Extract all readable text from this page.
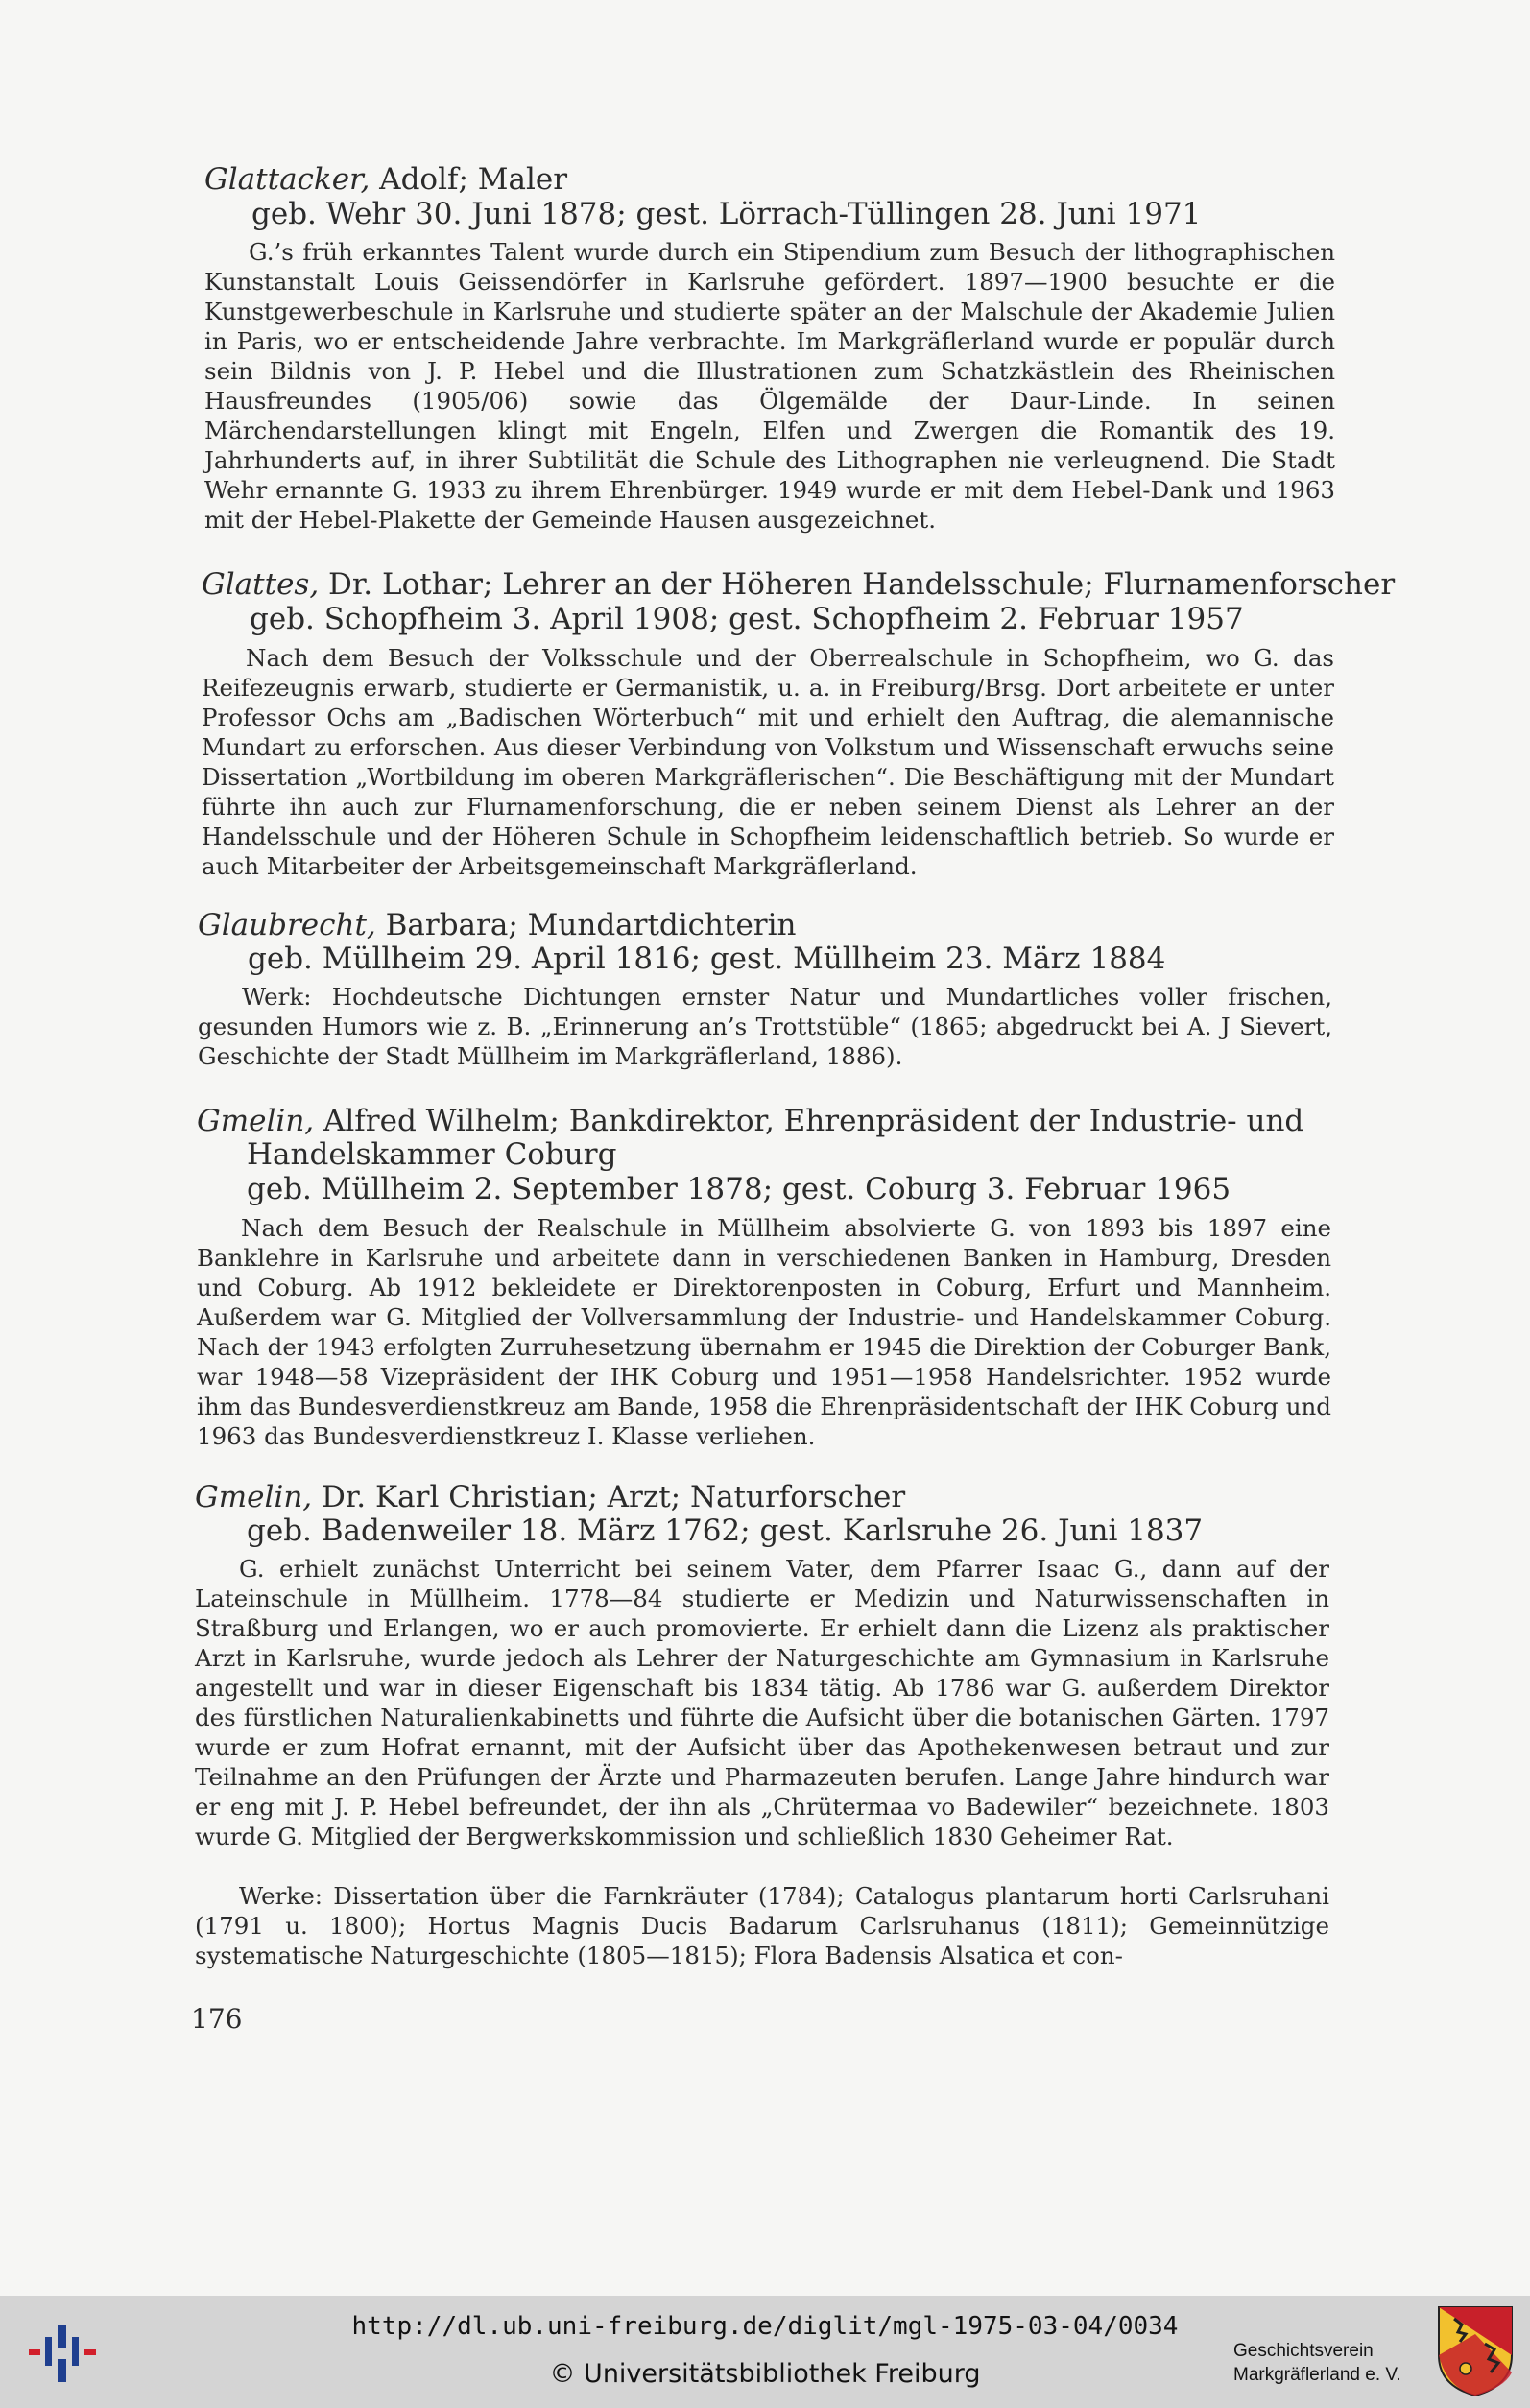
Glattacker, Adolf; Maler
geb. Wehr 30. Juni 1878; gest. Lörrach-Tüllingen 28. Juni 1971

G.’s früh erkanntes Talent wurde durch ein Stipendium zum Besuch der lithographischen Kunstanstalt Louis Geissendörfer in Karlsruhe gefördert. 1897—1900 besuchte er die Kunstgewerbeschule in Karlsruhe und studierte später an der Malschule der Akademie Julien in Paris, wo er entscheidende Jahre verbrachte. Im Markgräflerland wurde er populär durch sein Bildnis von J. P. Hebel und die Illustrationen zum Schatzkästlein des Rheinischen Hausfreundes (1905/06) sowie das Ölgemälde der Daur-Linde. In seinen Märchendarstellungen klingt mit Engeln, Elfen und Zwergen die Romantik des 19. Jahrhunderts auf, in ihrer Subtilität die Schule des Lithographen nie verleugnend. Die Stadt Wehr ernannte G. 1933 zu ihrem Ehrenbürger. 1949 wurde er mit dem Hebel-Dank und 1963 mit der Hebel-Plakette der Gemeinde Hausen ausgezeichnet.

Glattes, Dr. Lothar; Lehrer an der Höheren Handelsschule; Flurnamenforscher
geb. Schopfheim 3. April 1908; gest. Schopfheim 2. Februar 1957

Nach dem Besuch der Volksschule und der Oberrealschule in Schopfheim, wo G. das Reifezeugnis erwarb, studierte er Germanistik, u. a. in Freiburg/Brsg. Dort arbeitete er unter Professor Ochs am „Badischen Wörterbuch“ mit und erhielt den Auftrag, die alemannische Mundart zu erforschen. Aus dieser Verbindung von Volkstum und Wissenschaft erwuchs seine Dissertation „Wortbildung im oberen Markgräflerischen“. Die Beschäftigung mit der Mundart führte ihn auch zur Flurnamenforschung, die er neben seinem Dienst als Lehrer an der Handelsschule und der Höheren Schule in Schopfheim leidenschaftlich betrieb. So wurde er auch Mitarbeiter der Arbeitsgemeinschaft Markgräflerland.

Glaubrecht, Barbara; Mundartdichterin
geb. Müllheim 29. April 1816; gest. Müllheim 23. März 1884

Werk: Hochdeutsche Dichtungen ernster Natur und Mundartliches voller frischen, gesunden Humors wie z. B. „Erinnerung an’s Trottstüble“ (1865; abgedruckt bei A. J Sievert, Geschichte der Stadt Müllheim im Markgräflerland, 1886).

Gmelin, Alfred Wilhelm; Bankdirektor, Ehrenpräsident der Industrie- und
Handelskammer Coburg
geb. Müllheim 2. September 1878; gest. Coburg 3. Februar 1965

Nach dem Besuch der Realschule in Müllheim absolvierte G. von 1893 bis 1897 eine Banklehre in Karlsruhe und arbeitete dann in verschiedenen Banken in Hamburg, Dresden und Coburg. Ab 1912 bekleidete er Direktorenposten in Coburg, Erfurt und Mannheim. Außerdem war G. Mitglied der Vollversammlung der Industrie- und Handelskammer Coburg. Nach der 1943 erfolgten Zurruhesetzung übernahm er 1945 die Direktion der Coburger Bank, war 1948—58 Vizepräsident der IHK Coburg und 1951—1958 Handelsrichter. 1952 wurde ihm das Bundesverdienstkreuz am Bande, 1958 die Ehrenpräsidentschaft der IHK Coburg und 1963 das Bundesverdienstkreuz I. Klasse verliehen.

Gmelin, Dr. Karl Christian; Arzt; Naturforscher
geb. Badenweiler 18. März 1762; gest. Karlsruhe 26. Juni 1837

G. erhielt zunächst Unterricht bei seinem Vater, dem Pfarrer Isaac G., dann auf der Lateinschule in Müllheim. 1778—84 studierte er Medizin und Naturwissenschaften in Straßburg und Erlangen, wo er auch promovierte. Er erhielt dann die Lizenz als praktischer Arzt in Karlsruhe, wurde jedoch als Lehrer der Naturgeschichte am Gymnasium in Karlsruhe angestellt und war in dieser Eigenschaft bis 1834 tätig. Ab 1786 war G. außerdem Direktor des fürstlichen Naturalienkabinetts und führte die Aufsicht über die botanischen Gärten. 1797 wurde er zum Hofrat ernannt, mit der Aufsicht über das Apothekenwesen betraut und zur Teilnahme an den Prüfungen der Ärzte und Pharmazeuten berufen. Lange Jahre hindurch war er eng mit J. P. Hebel befreundet, der ihn als „Chrütermaa vo Badewiler“ bezeichnete. 1803 wurde G. Mitglied der Bergwerkskommission und schließlich 1830 Geheimer Rat.

Werke: Dissertation über die Farnkräuter (1784); Catalogus plantarum horti Carlsruhani (1791 u. 1800); Hortus Magnis Ducis Badarum Carlsruhanus (1811); Gemeinnützige systematische Naturgeschichte (1805—1815); Flora Badensis Alsatica et con-

176
http://dl.ub.uni-freiburg.de/diglit/mgl-1975-03-04/0034
© Universitätsbibliothek Freiburg
Geschichtsverein
Markgräflerland e. V.
